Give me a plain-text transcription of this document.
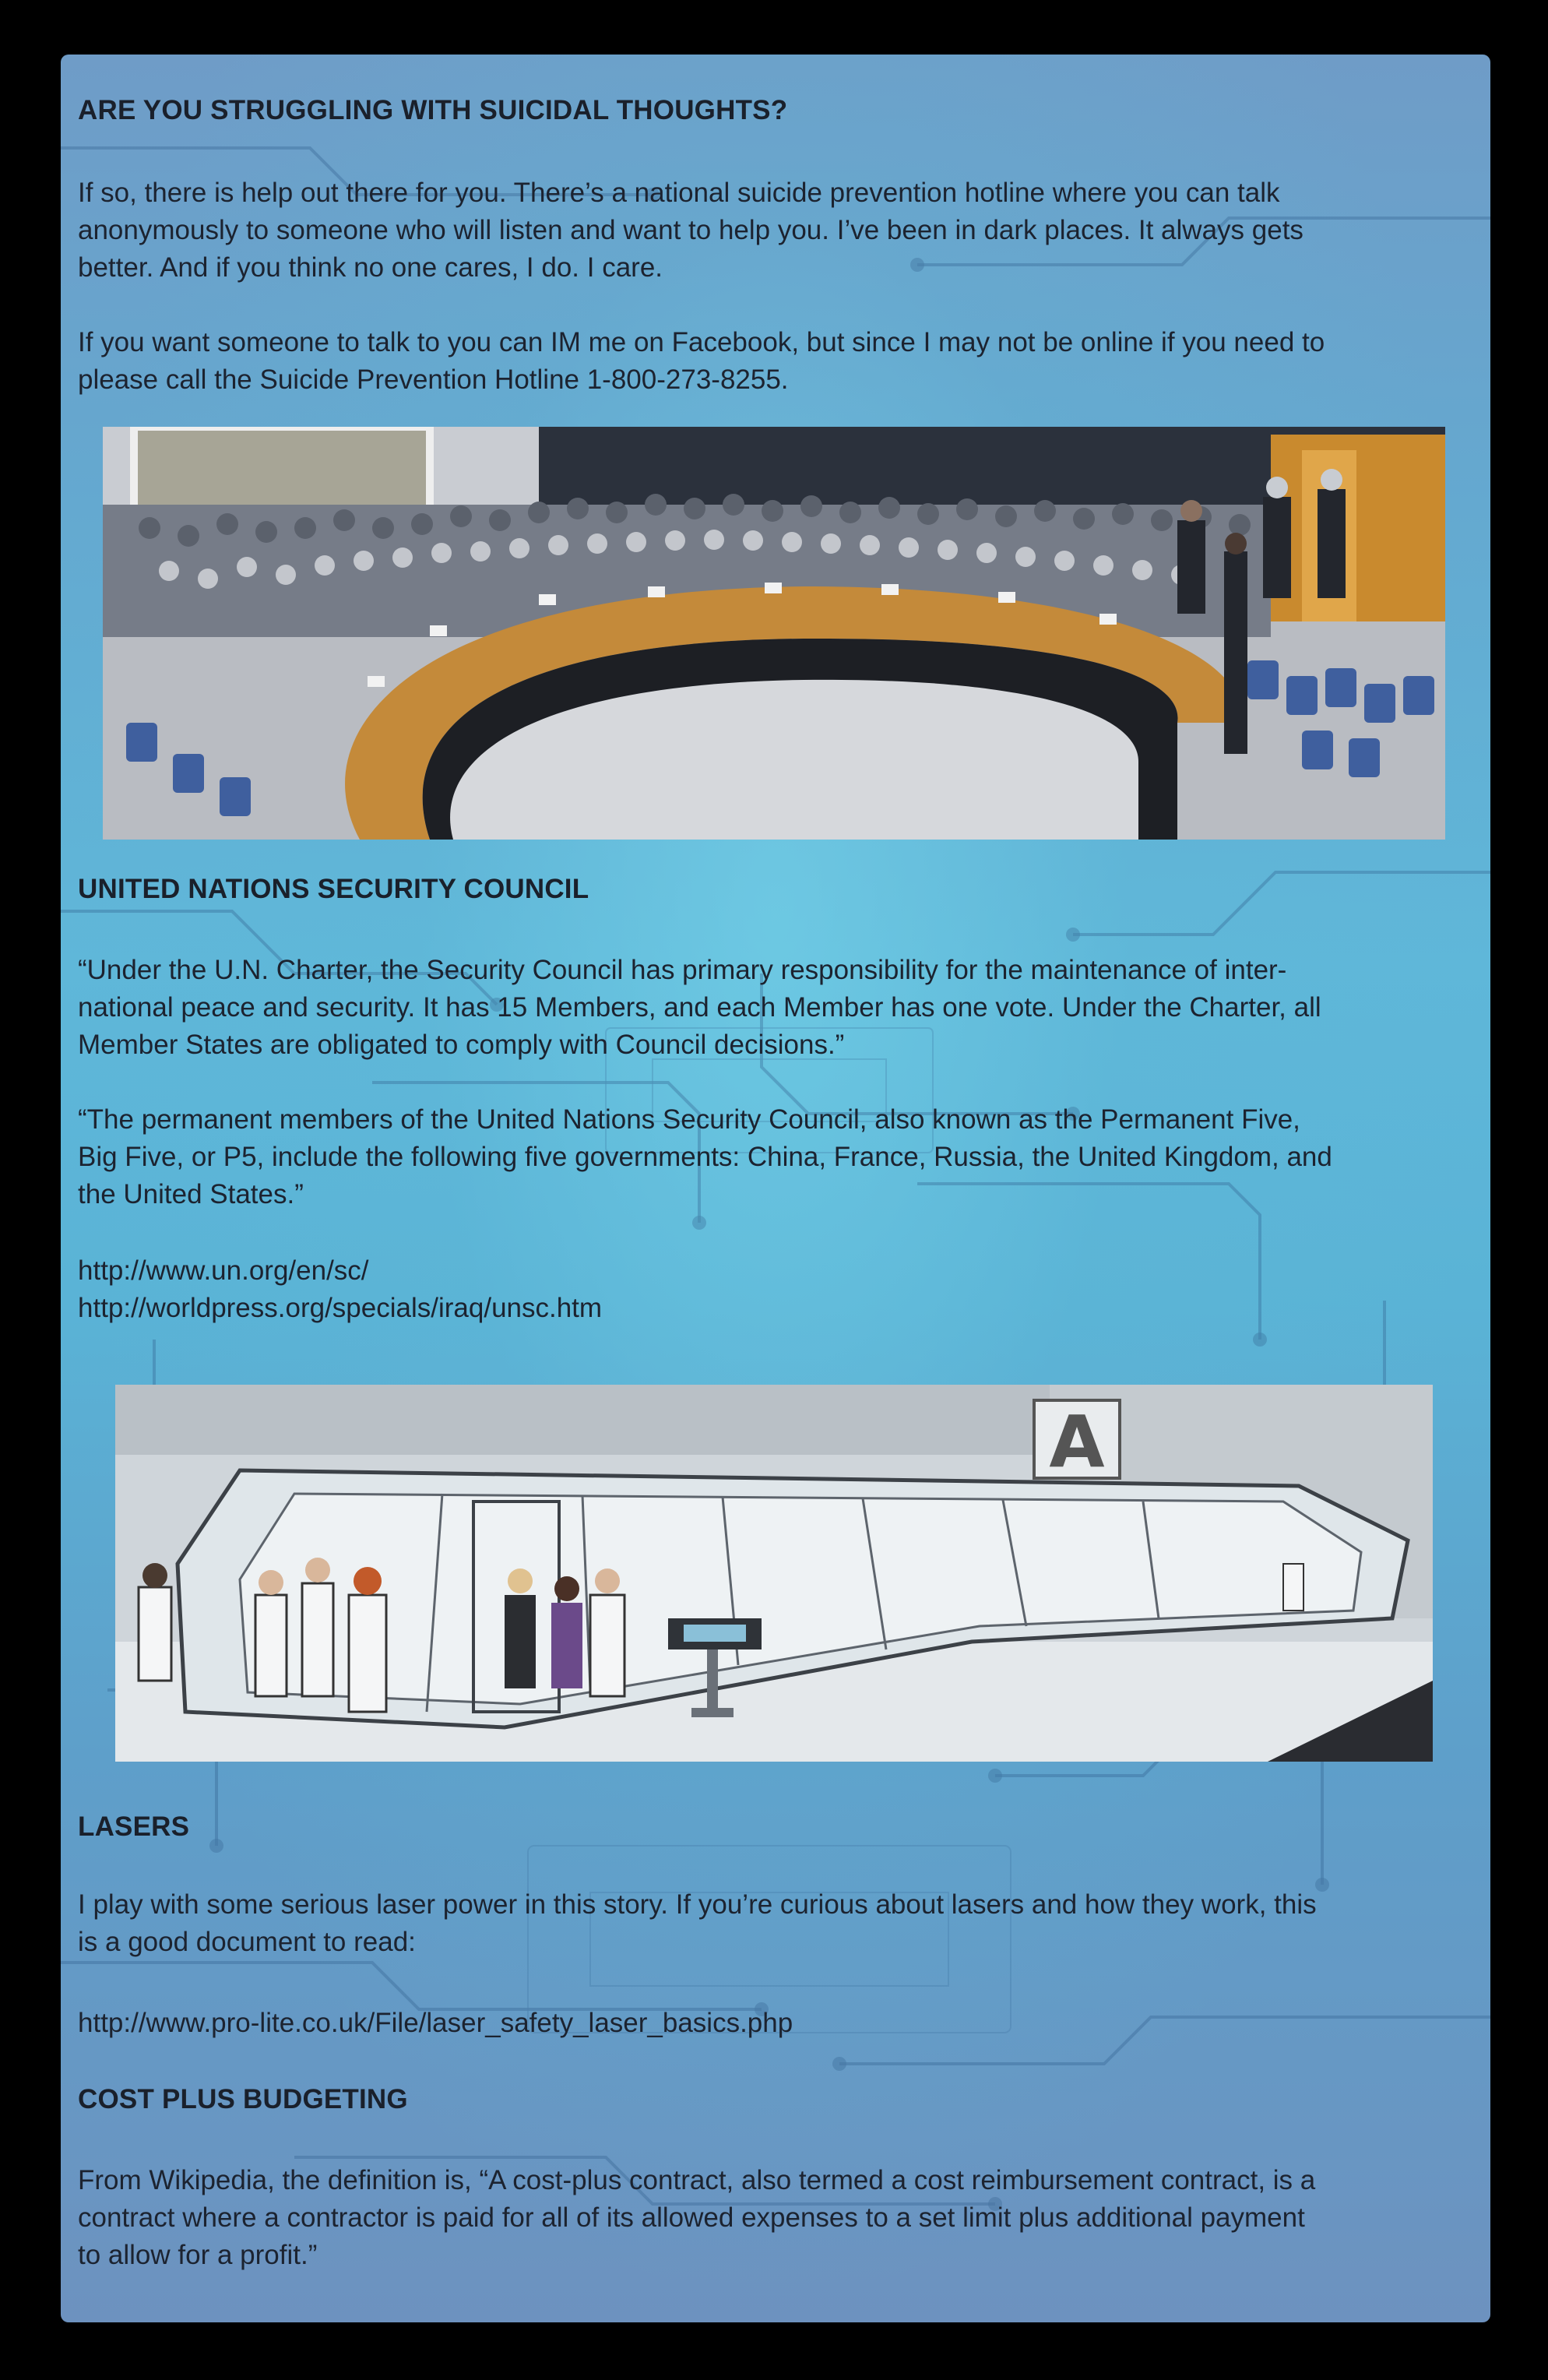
ARE YOU STRUGGLING WITH SUICIDAL THOUGHTS?
If so, there is help out there for you. There’s a national suicide prevention hotline where you can talk
anonymously to someone who will listen and want to help you. I’ve been in dark places. It always gets
better. And if you think no one cares, I do. I care.
If you want someone to talk to you can IM me on Facebook, but since I may not be online if you need to
please call the Suicide Prevention Hotline 1-800-273-8255.
UNITED NATIONS SECURITY COUNCIL
“Under the U.N. Charter, the Security Council has primary responsibility for the maintenance of inter-
national peace and security. It has 15 Members, and each Member has one vote. Under the Charter, all
Member States are obligated to comply with Council decisions.”
“The permanent members of the United Nations Security Council, also known as the Permanent Five,
Big Five, or P5, include the following five governments: China, France, Russia, the United Kingdom, and
the United States.”
http://www.un.org/en/sc/
http://worldpress.org/specials/iraq/unsc.htm
A
LASERS
I play with some serious laser power in this story. If you’re curious about lasers and how they work, this
is a good document to read:
http://www.pro-lite.co.uk/File/laser_safety_laser_basics.php
COST PLUS BUDGETING
From Wikipedia, the definition is, “A cost-plus contract, also termed a cost reimbursement contract, is a
contract where a contractor is paid for all of its allowed expenses to a set limit plus additional payment
to allow for a profit.”
